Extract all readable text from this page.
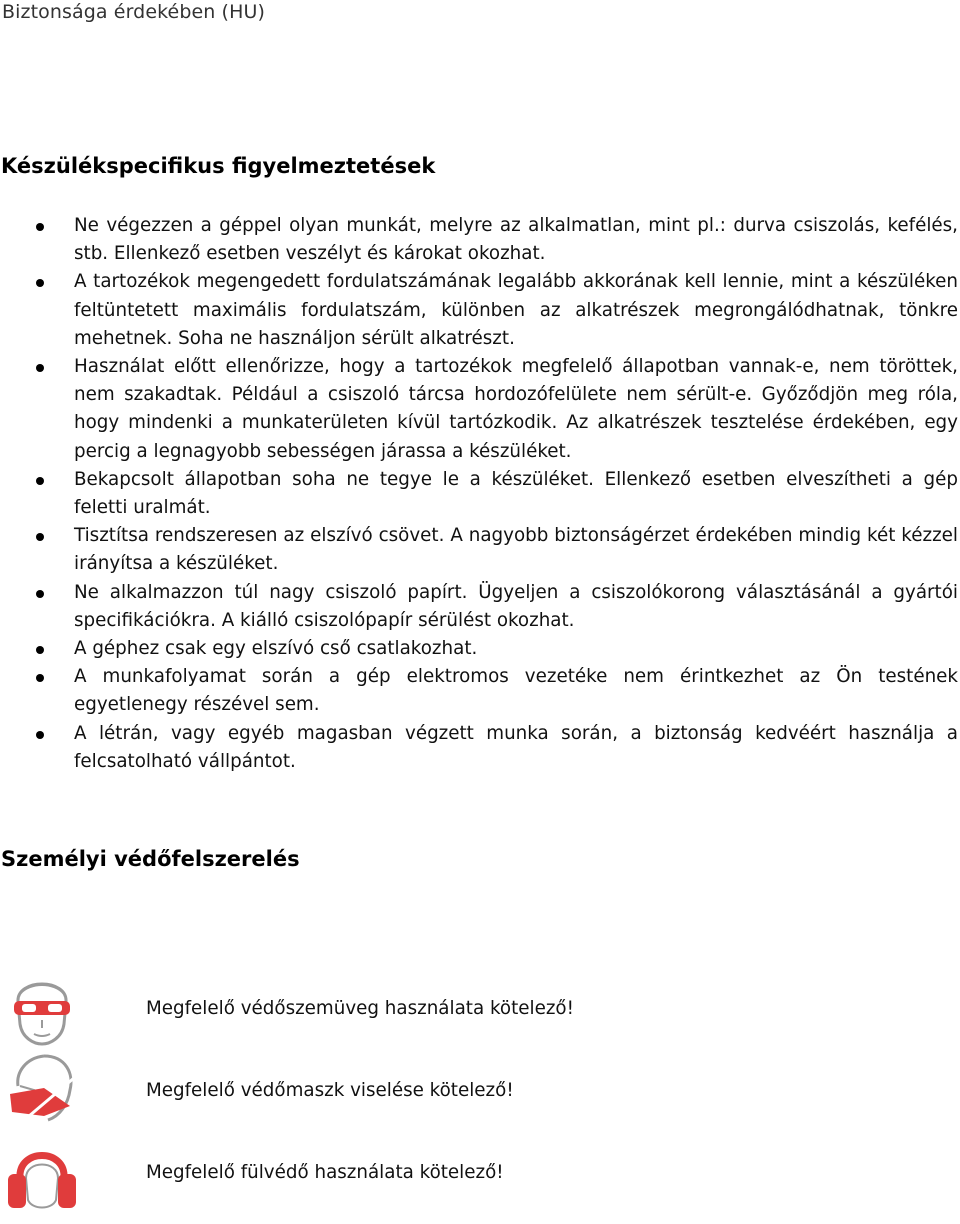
Biztonsága érdekében (HU)
Készülékspecifikus figyelmeztetések
Ne végezzen a géppel olyan munkát, melyre az alkalmatlan, mint pl.: durva csiszolás, kefélés, stb. Ellenkező esetben veszélyt és károkat okozhat.
A tartozékok megengedett fordulatszámának legalább akkorának kell lennie, mint a készüléken feltüntetett maximális fordulatszám, különben az alkatrészek megrongálódhatnak, tönkre mehetnek. Soha ne használjon sérült alkatrészt.
Használat előtt ellenőrizze, hogy a tartozékok megfelelő állapotban vannak-e, nem töröttek, nem szakadtak. Például a csiszoló tárcsa hordozófelülete nem sérült-e. Győződjön meg róla, hogy mindenki a munkaterületen kívül tartózkodik. Az alkatrészek tesztelése érdekében, egy percig a legnagyobb sebességen járassa a készüléket.
Bekapcsolt állapotban soha ne tegye le a készüléket. Ellenkező esetben elveszítheti a gép feletti uralmát.
Tisztítsa rendszeresen az elszívó csövet. A nagyobb biztonságérzet érdekében mindig két kézzel irányítsa a készüléket.
Ne alkalmazzon túl nagy csiszoló papírt. Ügyeljen a csiszolókorong választásánál a gyártói specifikációkra. A kiálló csiszolópapír sérülést okozhat.
A géphez csak egy elszívó cső csatlakozhat.
A munkafolyamat során a gép elektromos vezetéke nem érintkezhet az Ön testének egyetlenegy részével sem.
A létrán, vagy egyéb magasban végzett munka során, a biztonság kedvéért használja a felcsatolható vállpántot.
Személyi védőfelszerelés
Megfelelő védőszemüveg használata kötelező!
Megfelelő védőmaszk viselése kötelező!
Megfelelő fülvédő használata kötelező!
